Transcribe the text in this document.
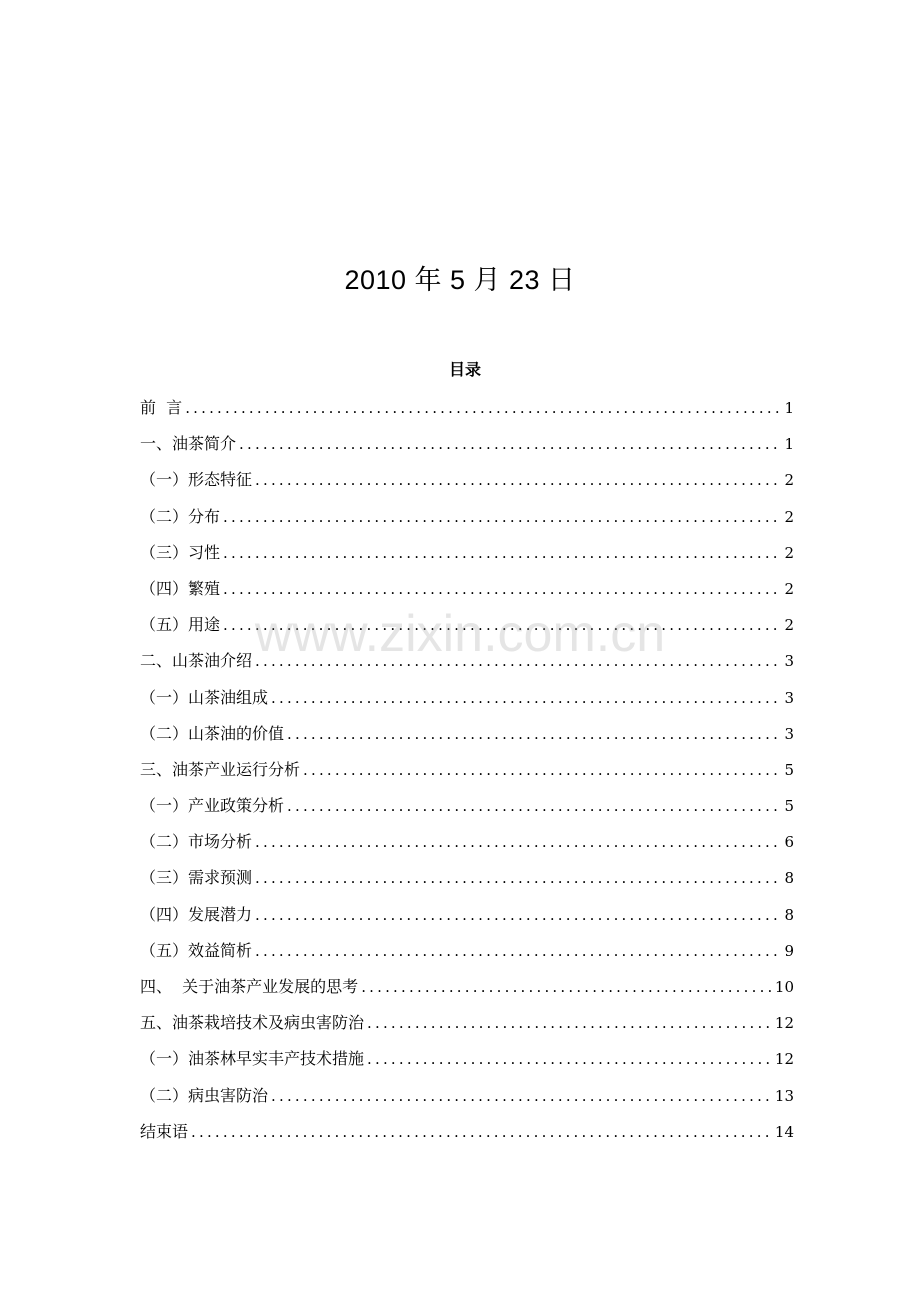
2010 年 5 月 23 日
目录
前  言 .....	1
一、油茶简介 .....	1
（一）形态特征 .....	2
（二）分布 .....	2
（三）习性 .....	2
（四）繁殖 .....	2
（五）用途 .....	2
二、山茶油介绍 .....	3
（一）山茶油组成 .....	3
（二）山茶油的价值 .....	3
三、油茶产业运行分析 .....	5
（一）产业政策分析 .....	5
（二）市场分析 .....	6
（三）需求预测 .....	8
（四）发展潜力 .....	8
（五）效益简析 .....	9
四、  关于油茶产业发展的思考 .....	10
五、油茶栽培技术及病虫害防治 .....	12
（一）油茶林早实丰产技术措施 .....	12
（二）病虫害防治 .....	13
结束语 .....	14
www.zixin.com.cn
